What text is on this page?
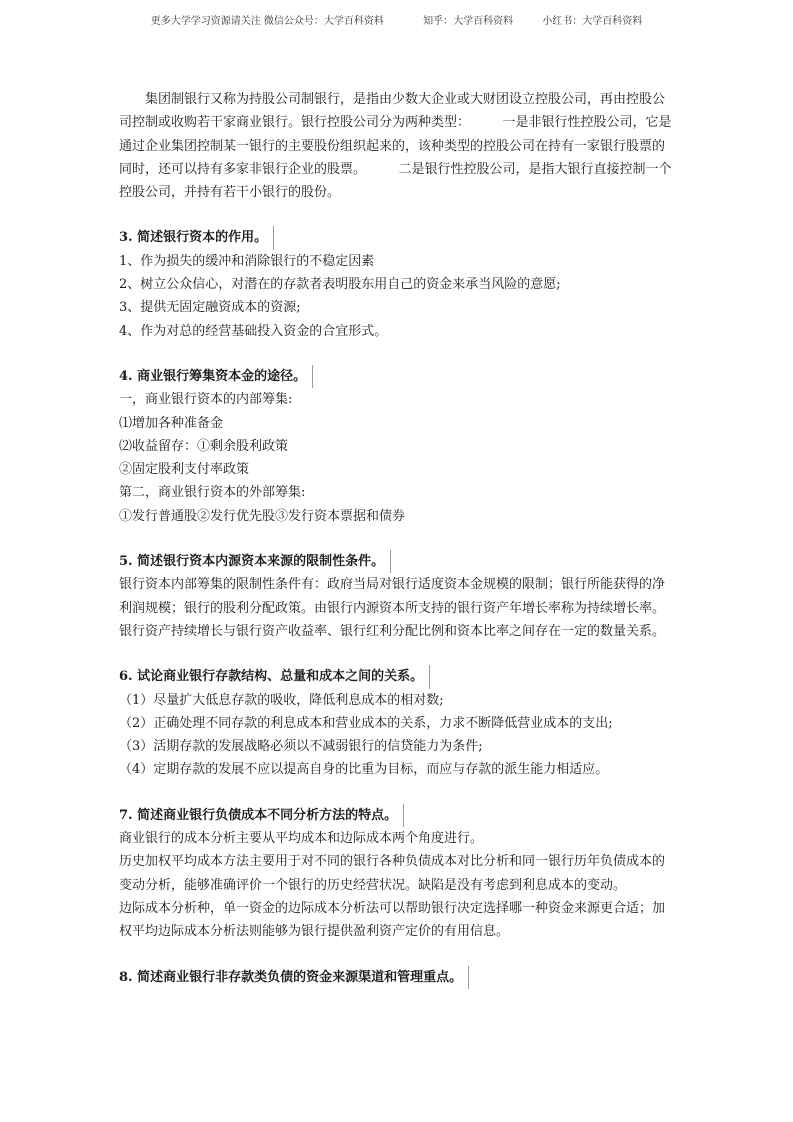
更多大学学习资源请关注 微信公众号：大学百科资料	知乎：大学百科资料	小红书：大学百科资料

　　集团制银行又称为持股公司制银行，是指由少数大企业或大财团设立控股公司，再由控股公司控制或收购若干家商业银行。银行控股公司分为两种类型：　　　一是非银行性控股公司，它是通过企业集团控制某一银行的主要股份组织起来的，该种类型的控股公司在持有一家银行股票的同时，还可以持有多家非银行企业的股票。　　　二是银行性控股公司，是指大银行直接控制一个控股公司，并持有若干小银行的股份。

3. 简述银行资本的作用。

1、作为损失的缓冲和消除银行的不稳定因素

2、树立公众信心，对潜在的存款者表明股东用自己的资金来承当风险的意愿;

3、提供无固定融资成本的资源;

4、作为对总的经营基础投入资金的合宜形式。

4. 商业银行筹集资本金的途径。

一，商业银行资本的内部筹集:

⑴增加各种准备金

⑵收益留存：①剩余股利政策

②固定股利支付率政策

第二，商业银行资本的外部筹集:

①发行普通股②发行优先股③发行资本票据和债券

5. 简述银行资本内源资本来源的限制性条件。

银行资本内部筹集的限制性条件有：政府当局对银行适度资本金规模的限制；银行所能获得的净利润规模；银行的股利分配政策。由银行内源资本所支持的银行资产年增长率称为持续增长率。银行资产持续增长与银行资产收益率、银行红利分配比例和资本比率之间存在一定的数量关系。

6. 试论商业银行存款结构、总量和成本之间的关系。

（1）尽量扩大低息存款的吸收，降低利息成本的相对数;

（2）正确处理不同存款的利息成本和营业成本的关系，力求不断降低营业成本的支出;

（3）活期存款的发展战略必须以不减弱银行的信贷能力为条件;

（4）定期存款的发展不应以提高自身的比重为目标，而应与存款的派生能力相适应。

7. 简述商业银行负债成本不同分析方法的特点。

商业银行的成本分析主要从平均成本和边际成本两个角度进行。

历史加权平均成本方法主要用于对不同的银行各种负债成本对比分析和同一银行历年负债成本的变动分析，能够准确评价一个银行的历史经营状况。缺陷是没有考虑到利息成本的变动。

边际成本分析种，单一资金的边际成本分析法可以帮助银行决定选择哪一种资金来源更合适；加权平均边际成本分析法则能够为银行提供盈利资产定价的有用信息。

8. 简述商业银行非存款类负债的资金来源渠道和管理重点。
